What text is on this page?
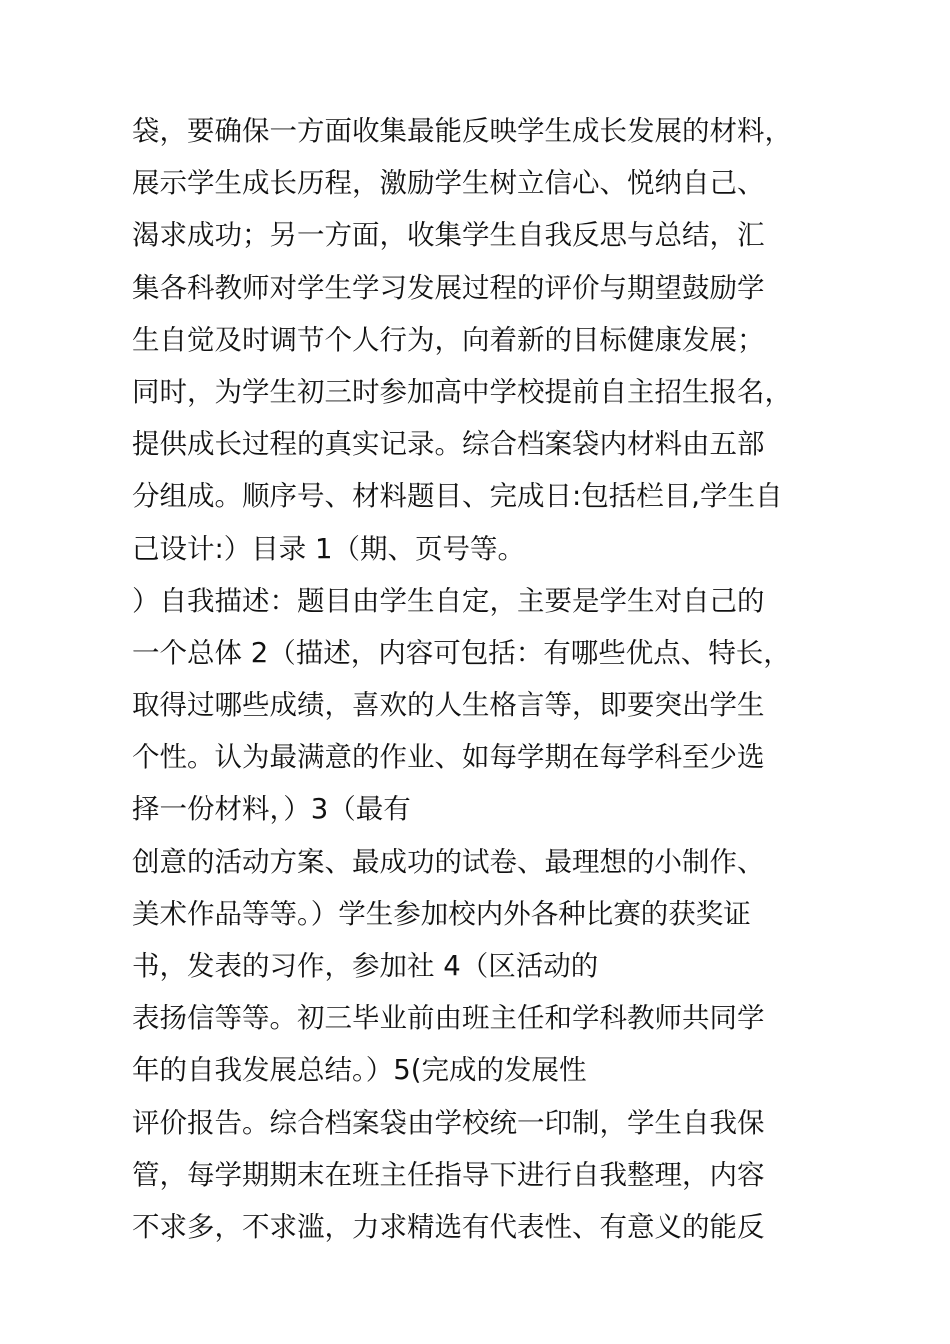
袋，要确保一方面收集最能反映学生成长发展的材料，
展示学生成长历程，激励学生树立信心、悦纳自己、
渴求成功；另一方面，收集学生自我反思与总结，汇
集各科教师对学生学习发展过程的评价与期望鼓励学
生自觉及时调节个人行为，向着新的目标健康发展；
同时，为学生初三时参加高中学校提前自主招生报名，
提供成长过程的真实记录。综合档案袋内材料由五部
分组成。顺序号、材料题目、完成日:包括栏目,学生自
己设计:）目录 1（期、页号等。
）自我描述：题目由学生自定，主要是学生对自己的
一个总体 2（描述，内容可包括：有哪些优点、特长，
取得过哪些成绩，喜欢的人生格言等，即要突出学生
个性。认为最满意的作业、如每学期在每学科至少选
择一份材料，）3（最有
创意的活动方案、最成功的试卷、最理想的小制作、
美术作品等等。）学生参加校内外各种比赛的获奖证
书，发表的习作，参加社 4（区活动的
表扬信等等。初三毕业前由班主任和学科教师共同学
年的自我发展总结。）5(完成的发展性
评价报告。综合档案袋由学校统一印制，学生自我保
管，每学期期末在班主任指导下进行自我整理，内容
不求多，不求滥，力求精选有代表性、有意义的能反
